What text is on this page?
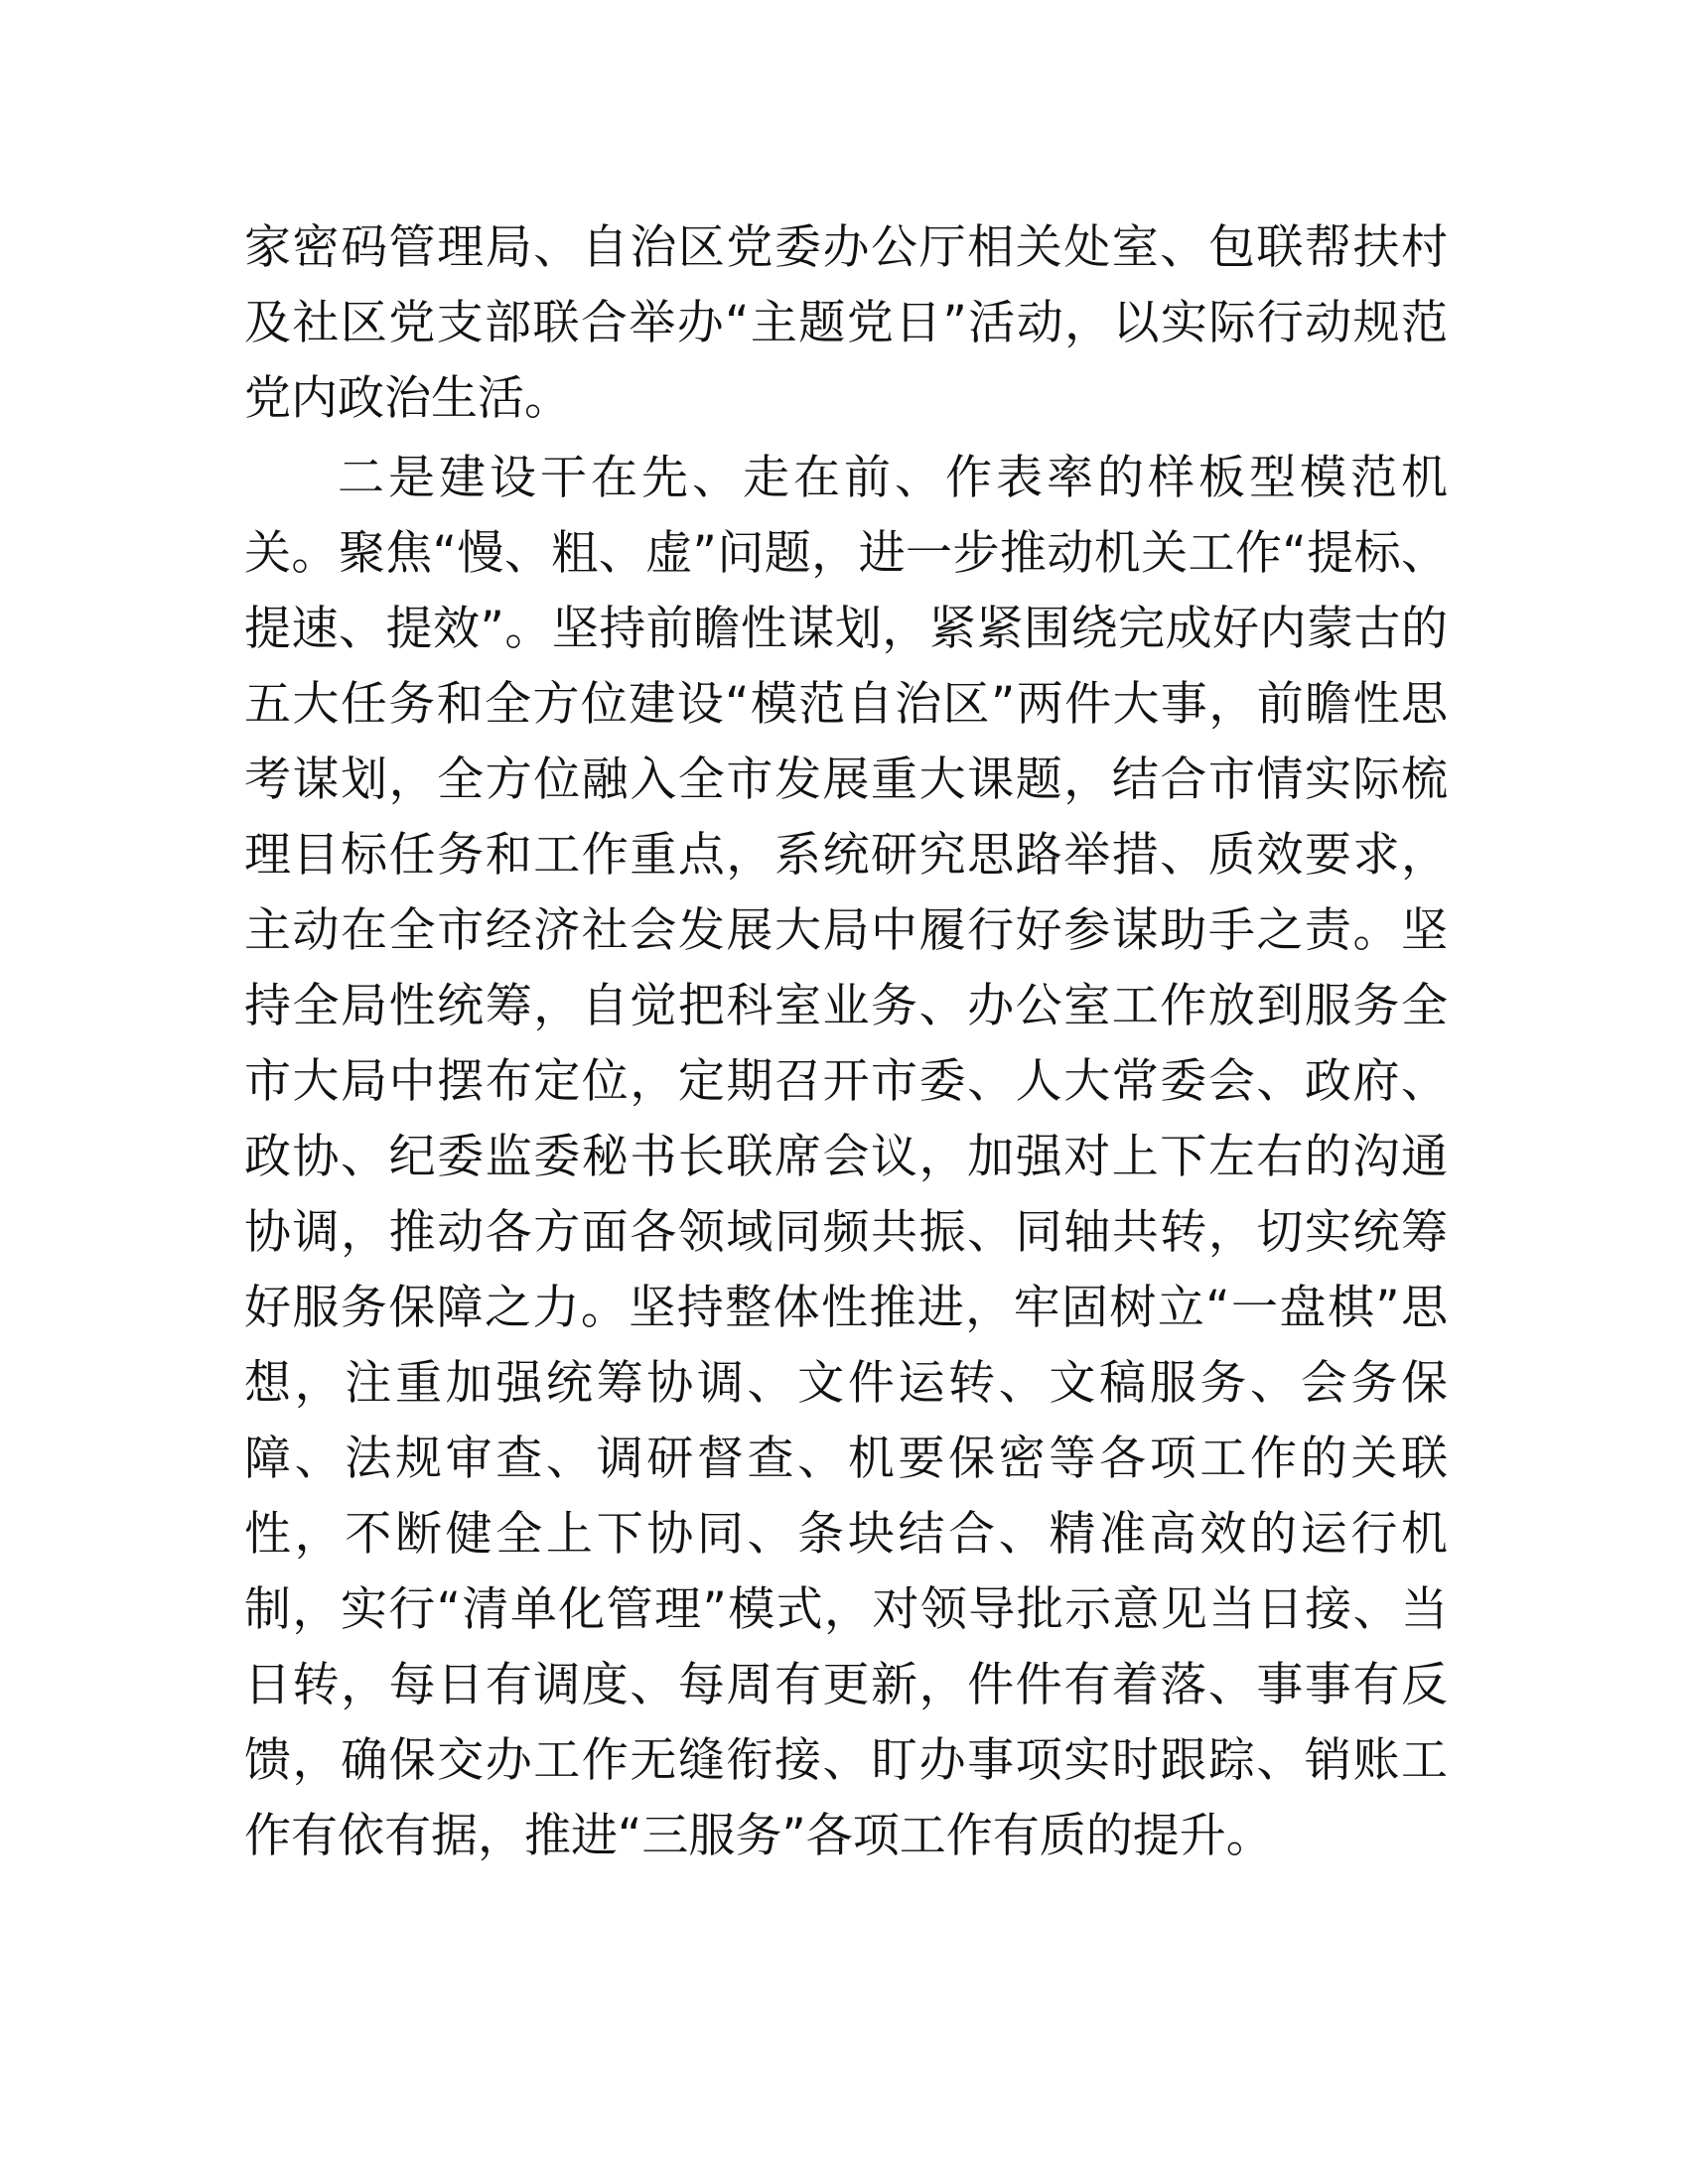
家密码管理局、自治区党委办公厅相关处室、包联帮扶村及社区党支部联合举办“主题党日”活动，以实际行动规范党内政治生活。

二是建设干在先、走在前、作表率的样板型模范机关。聚焦“慢、粗、虚”问题，进一步推动机关工作“提标、提速、提效”。坚持前瞻性谋划，紧紧围绕完成好内蒙古的五大任务和全方位建设“模范自治区”两件大事，前瞻性思考谋划，全方位融入全市发展重大课题，结合市情实际梳理目标任务和工作重点，系统研究思路举措、质效要求，主动在全市经济社会发展大局中履行好参谋助手之责。坚持全局性统筹，自觉把科室业务、办公室工作放到服务全市大局中摆布定位，定期召开市委、人大常委会、政府、政协、纪委监委秘书长联席会议，加强对上下左右的沟通协调，推动各方面各领域同频共振、同轴共转，切实统筹好服务保障之力。坚持整体性推进，牢固树立“一盘棋”思想，注重加强统筹协调、文件运转、文稿服务、会务保障、法规审查、调研督查、机要保密等各项工作的关联性，不断健全上下协同、条块结合、精准高效的运行机制，实行“清单化管理”模式，对领导批示意见当日接、当日转，每日有调度、每周有更新，件件有着落、事事有反馈，确保交办工作无缝衔接、盯办事项实时跟踪、销账工作有依有据，推进“三服务”各项工作有质的提升。
